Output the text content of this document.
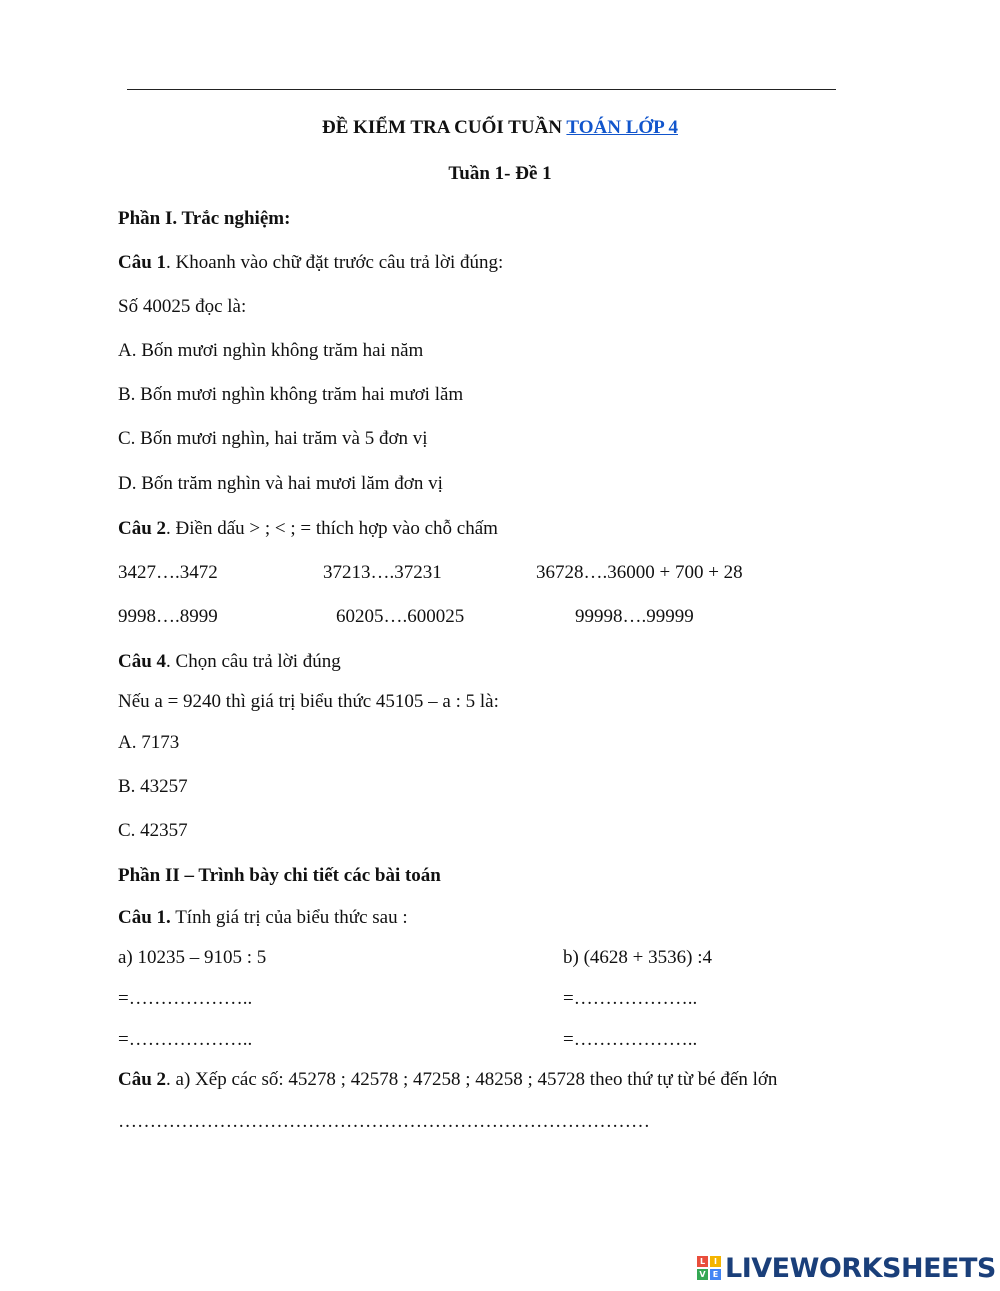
ĐỀ KIỂM TRA CUỐI TUẦN TOÁN LỚP 4
Tuần 1- Đề 1
Phần I. Trắc nghiệm:
Câu 1. Khoanh vào chữ đặt trước câu trả lời đúng:
Số 40025 đọc là:
A. Bốn mươi nghìn không trăm hai năm
B. Bốn mươi nghìn không trăm hai mươi lăm
C. Bốn mươi nghìn, hai trăm và 5 đơn vị
D. Bốn trăm nghìn và hai mươi lăm đơn vị
Câu 2. Điền dấu > ; < ; = thích hợp vào chỗ chấm
3427….3472	37213….37231	36728….36000 + 700 + 28
9998….8999	60205….600025	99998….99999
Câu 4. Chọn câu trả lời đúng
Nếu a = 9240 thì giá trị biểu thức 45105 – a : 5 là:
A. 7173
B. 43257
C. 42357
Phần II – Trình bày chi tiết các bài toán
Câu 1. Tính giá trị của biểu thức sau :
a) 10235 – 9105 : 5	b) (4628 + 3536) :4
=………………..	=………………..
=………………..	=………………..
Câu 2. a) Xếp các số: 45278 ; 42578 ; 47258 ; 48258 ; 45728 theo thứ tự từ bé đến lớn
…………………………………………………………………………
L	I
V E LIVEWORKSHEETS
